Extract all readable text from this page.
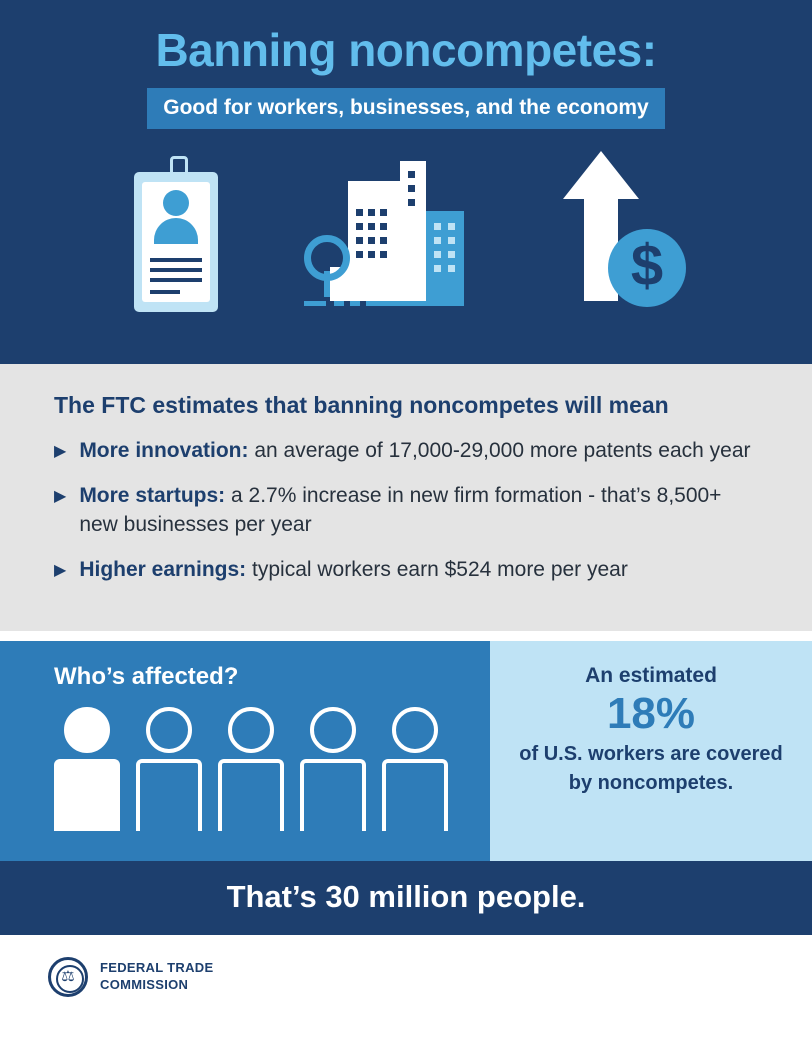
Banning noncompetes:
Good for workers, businesses, and the economy
$
The FTC estimates that banning noncompetes will mean
▶ More innovation: an average of 17,000-29,000 more patents each year
▶ More startups: a 2.7% increase in new firm formation - that’s 8,500+ new businesses per year
▶ Higher earnings: typical workers earn $524 more per year
Who’s affected?	An estimated
18%
of U.S. workers are covered by noncompetes.
That’s 30 million people.
⚖	FEDERAL TRADE
COMMISSION
